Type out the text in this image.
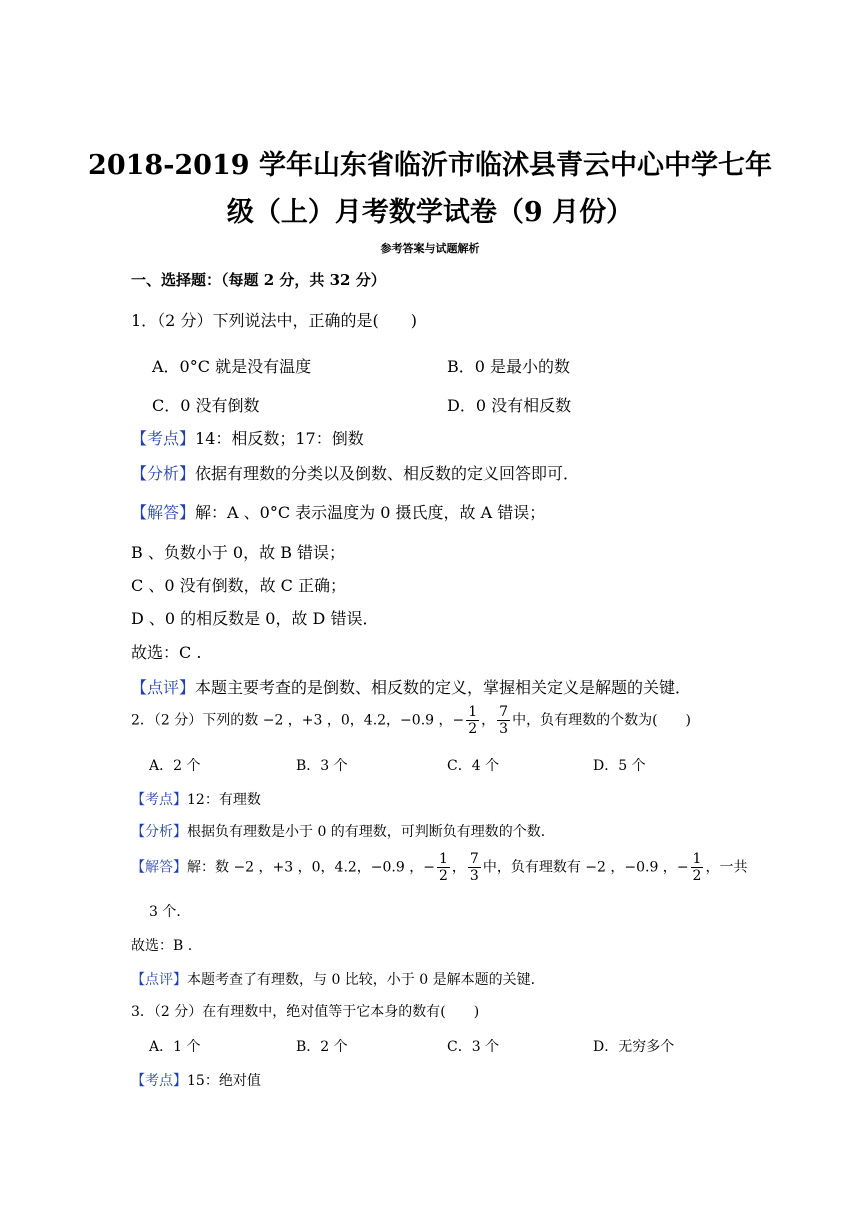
2018-2019 学年山东省临沂市临沭县青云中心中学七年
级（上）月考数学试卷（9 月份）
参考答案与试题解析
一、选择题：（每题 2 分，共 32 分）
1．（2 分）下列说法中，正确的是(　　)
A．0°C 就是没有温度	B．0 是最小的数
C．0 没有倒数	D．0 没有相反数
【考点】14：相反数；17：倒数
【分析】依据有理数的分类以及倒数、相反数的定义回答即可．
【解答】解：A 、0°C 表示温度为 0 摄氏度，故 A 错误；
B 、负数小于 0，故 B 错误；
C 、0 没有倒数，故 C 正确；
D 、0 的相反数是 0，故 D 错误．
故选：C .
【点评】本题主要考查的是倒数、相反数的定义，掌握相关定义是解题的关键．
2．（2 分）下列的数 −2 ，+3 ，0，4.2，−0.9 ，− $\frac{1}{2}$ ， $\frac{7}{3}$ 中，负有理数的个数为(　　)
A．2 个	B．3 个	C．4 个	D．5 个
【考点】12：有理数
【分析】根据负有理数是小于 0 的有理数，可判断负有理数的个数．
【解答】解：数 −2 ，+3 ，0，4.2，−0.9 ，− $\frac{1}{2}$ ， $\frac{7}{3}$ 中，负有理数有 −2 ，−0.9 ，− $\frac{1}{2}$ ，一共
3 个．
故选：B .
【点评】本题考查了有理数，与 0 比较，小于 0 是解本题的关键．
3．（2 分）在有理数中，绝对值等于它本身的数有(　　)
A．1 个	B．2 个	C．3 个	D．无穷多个
【考点】15：绝对值
